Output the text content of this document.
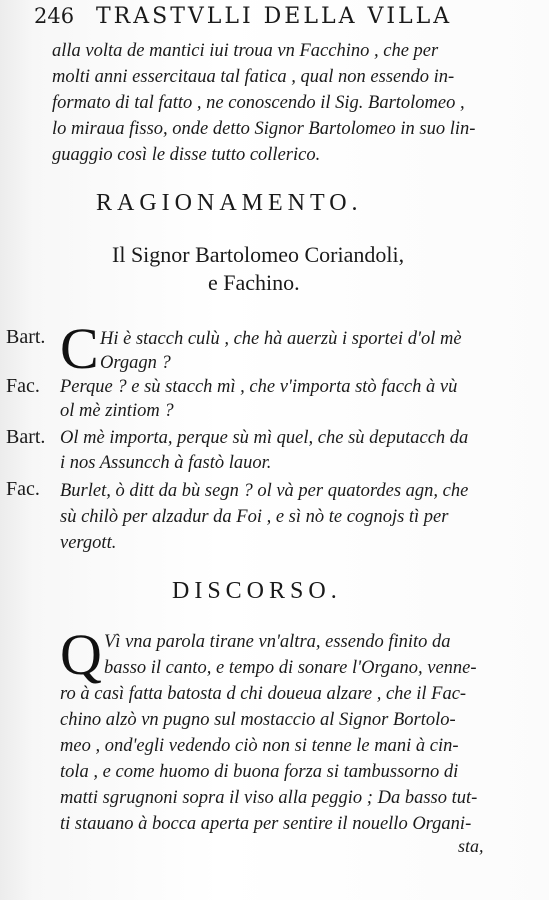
246 TRASTVLLI DELLA VILLA
alla volta de mantici iui troua vn Facchino , che per
molti anni essercitaua tal fatica , qual non essendo in-
formato di tal fatto , ne conoscendo il Sig. Bartolomeo ,
lo miraua fisso, onde detto Signor Bartolomeo in suo lin-
guaggio così le disse tutto collerico.
RAGIONAMENTO.
Il Signor Bartolomeo Coriandoli,
e Fachino.
Bart. C Hi è stacch culù , che hà auerzù i sportei d'ol mè
Orgagn ?
Fac. Perque ? e sù stacch mì , che v'importa stò facch à vù
ol mè zintiom ?
Bart. Ol mè importa, perque sù mì quel, che sù deputacch da
i nos Assuncch à fastò lauor.
Fac. Burlet, ò ditt da bù segn ? ol và per quatordes agn, che
sù chilò per alzadur da Foi , e sì nò te cognojs tì per
vergott.
DISCORSO.
Q Vì vna parola tirane vn'altra, essendo finito da
basso il canto, e tempo di sonare l'Organo, venne-
ro à casì fatta batosta d chi doueua alzare , che il Fac-
chino alzò vn pugno sul mostaccio al Signor Bortolo-
meo , ond'egli vedendo ciò non si tenne le mani à cin-
tola , e come huomo di buona forza si tambussorno di
matti sgrugnoni sopra il viso alla peggio ; Da basso tut-
ti stauano à bocca aperta per sentire il nouello Organi-
sta,
